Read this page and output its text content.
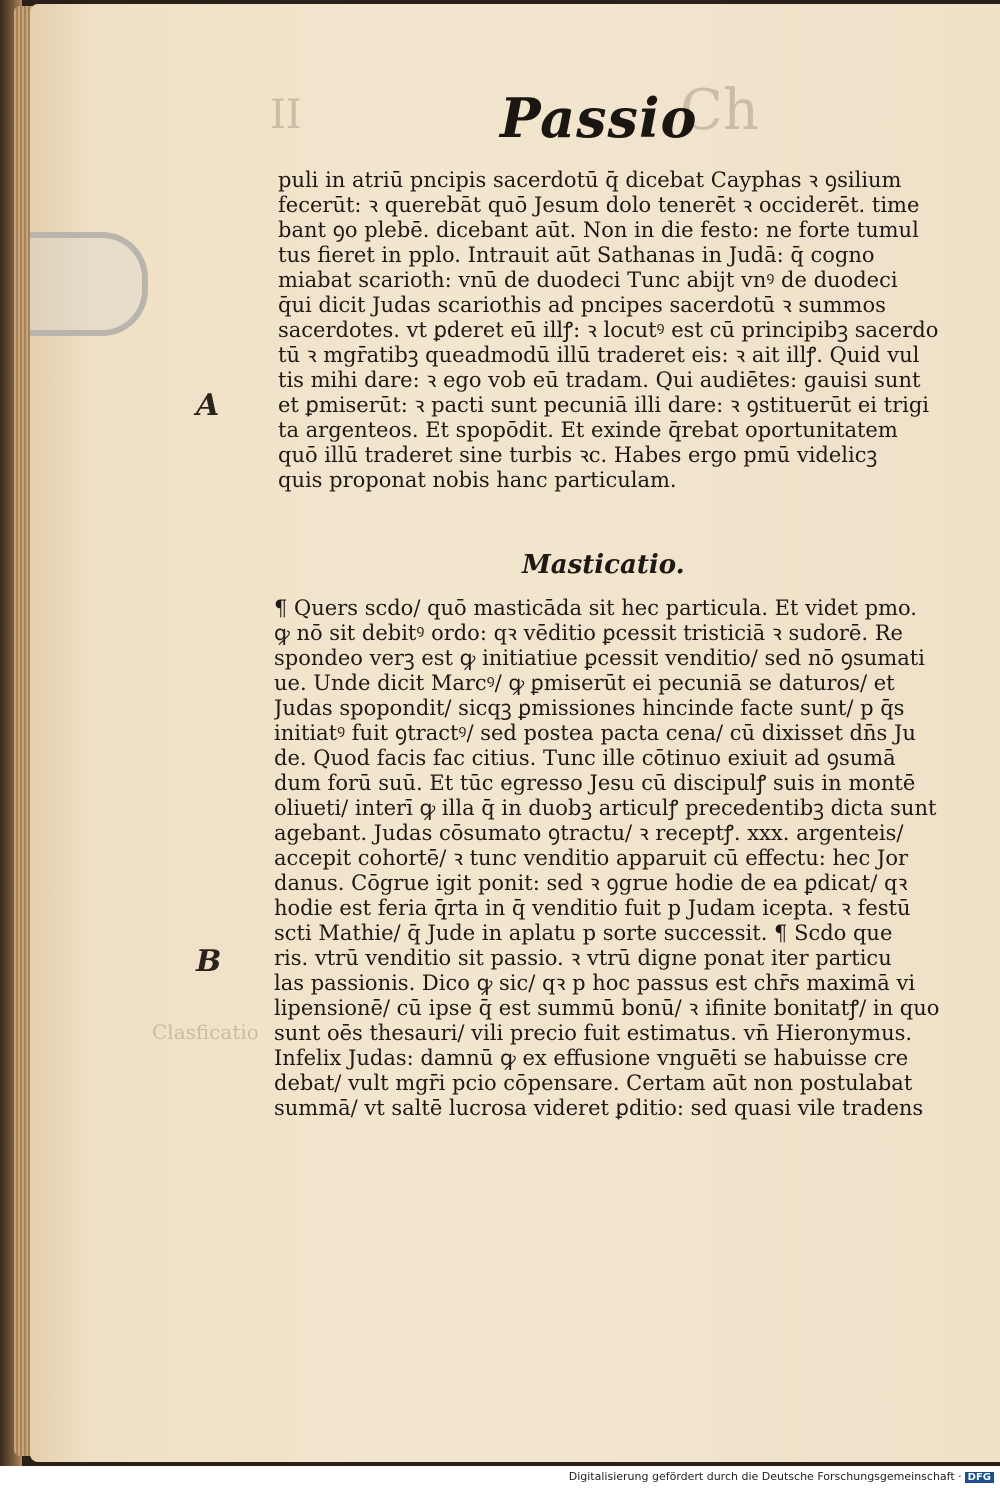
II	Ch
Clasficatio
Passio
A
B
puli in atriū pncipis sacerdotū q̄ dicebat Cayphas ꝛ ꝯsilium
fecerūt: ꝛ querebāt quō Jesum dolo tenerēt ꝛ occiderēt. time
bant ꝯo plebē. dicebant aūt. Non in die festo: ne forte tumul
tus fieret in pplo. Intrauit aūt Sathanas in Judā: q̄ cogno
miabat scarioth: vnū de duodeci Tunc abijt vnꝰ de duodeci
q̄ui dicit Judas scariothis ad pncipes sacerdotū ꝛ summos
sacerdotes. vt ꝑderet eū illꝭ: ꝛ locutꝰ est cū principibꝫ sacerdo
tū ꝛ mgr̄atibꝫ queadmodū illū traderet eis: ꝛ ait illꝭ. Quid vul
tis mihi dare: ꝛ ego vob̄ eū tradam. Qui audiētes: gauisi sunt
et ꝑmiserūt: ꝛ pacti sunt pecuniā illi dare: ꝛ ꝯstituerūt ei trigi
ta argenteos. Et spopōdit. Et exinde q̄rebat oportunitatem
quō illū traderet sine turbis ꝛc. Habes ergo pmū videlicꝫ
quis proponat nobis hanc particulam.
Masticatio.
¶ Quers scdo/ quō masticāda sit hec particula. Et videt pmo.
ꝙ nō sit debitꝰ ordo: qꝛ vēditio ꝑcessit tristiciā ꝛ sudorē. Re
spondeo verꝫ est ꝙ initiatiue ꝑcessit venditio/ sed nō ꝯsumati
ue. Unde dicit Marcꝰ/ ꝙ ꝑmiserūt ei pecuniā se daturos/ et
Judas spopondit/ sicqꝫ ꝑmissiones hincinde facte sunt/ p q̄s
initiatꝰ fuit ꝯtractꝰ/ sed postea pacta cena/ cū dixisset dn̄s Ju
de. Quod facis fac citius. Tunc ille cōtinuo exiuit ad ꝯsumā
dum forū suū. Et tūc egresso Jesu cū discipulꝭ suis in montē
oliueti/ interī ꝙ illa q̄ in duobꝫ articulꝭ precedentibꝫ dicta sunt
agebant. Judas cōsumato ꝯtractu/ ꝛ receptꝭ. xxx. argenteis/
accepit cohortē/ ꝛ tunc venditio apparuit cū effectu: hec Jor
danus. Cōgrue igit ponit: sed ꝛ ꝯgrue hodie de ea ꝑdicat/ qꝛ
hodie est feria q̄rta in q̄ venditio fuit p Judam icepta. ꝛ festū
scti Mathie/ q̄ Jude in aplatu p sorte successit. ¶ Scdo que
ris. vtrū venditio sit passio. ꝛ vtrū digne ponat iter particu
las passionis. Dico ꝙ sic/ qꝛ p hoc passus est chr̄s maximā vi
lipensionē/ cū ipse q̄ est summū bonū/ ꝛ ifinite bonitatꝭ/ in quo
sunt oēs thesauri/ vili precio fuit estimatus. vn̄ Hieronymus.
Infelix Judas: damnū ꝙ ex effusione vnguēti se habuisse cre
debat/ vult mgr̄i pcio cōpensare. Certam aūt non postulabat
summā/ vt saltē lucrosa videret ꝑditio: sed quasi vile tradens
Digitalisierung gefördert durch die Deutsche Forschungsgemeinschaft · DFG
